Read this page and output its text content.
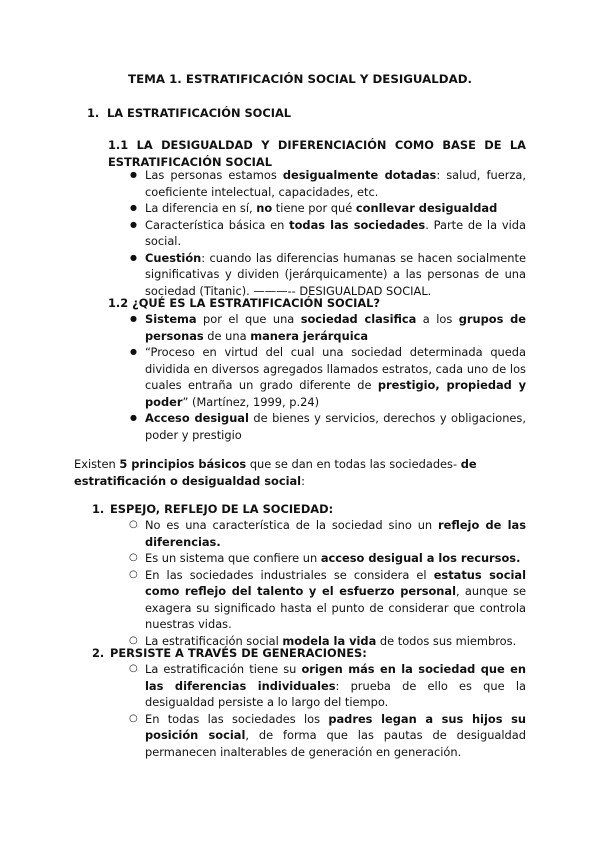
TEMA 1. ESTRATIFICACIÓN SOCIAL Y DESIGUALDAD.
1. LA ESTRATIFICACIÓN SOCIAL
1.1 LA DESIGUALDAD Y DIFERENCIACIÓN COMO BASE DE LA
ESTRATIFICACIÓN SOCIAL
● Las personas estamos desigualmente dotadas: salud, fuerza, coeficiente intelectual, capacidades, etc.
● La diferencia en sí, no tiene por qué conllevar desigualdad
● Característica básica en todas las sociedades. Parte de la vida social.
● Cuestión: cuando las diferencias humanas se hacen socialmente significativas y dividen (jerárquicamente) a las personas de una sociedad (Titanic). ———-- DESIGUALDAD SOCIAL.
1.2 ¿QUÉ ES LA ESTRATIFICACIÓN SOCIAL?
● Sistema por el que una sociedad clasifica a los grupos de personas de una manera jerárquica
● “Proceso en virtud del cual una sociedad determinada queda dividida en diversos agregados llamados estratos, cada uno de los cuales entraña un grado diferente de prestigio, propiedad y poder” (Martínez, 1999, p.24)
● Acceso desigual de bienes y servicios, derechos y obligaciones, poder y prestigio
Existen 5 principios básicos que se dan en todas las sociedades- de estratificación o desigualdad social:
1. ESPEJO, REFLEJO DE LA SOCIEDAD:
○ No es una característica de la sociedad sino un reflejo de las diferencias.
○ Es un sistema que confiere un acceso desigual a los recursos.
○ En las sociedades industriales se considera el estatus social como reflejo del talento y el esfuerzo personal, aunque se exagera su significado hasta el punto de considerar que controla nuestras vidas.
○ La estratificación social modela la vida de todos sus miembros.
2. PERSISTE A TRAVÉS DE GENERACIONES:
○ La estratificación tiene su origen más en la sociedad que en las diferencias individuales: prueba de ello es que la desigualdad persiste a lo largo del tiempo.
○ En todas las sociedades los padres legan a sus hijos su posición social, de forma que las pautas de desigualdad permanecen inalterables de generación en generación.
